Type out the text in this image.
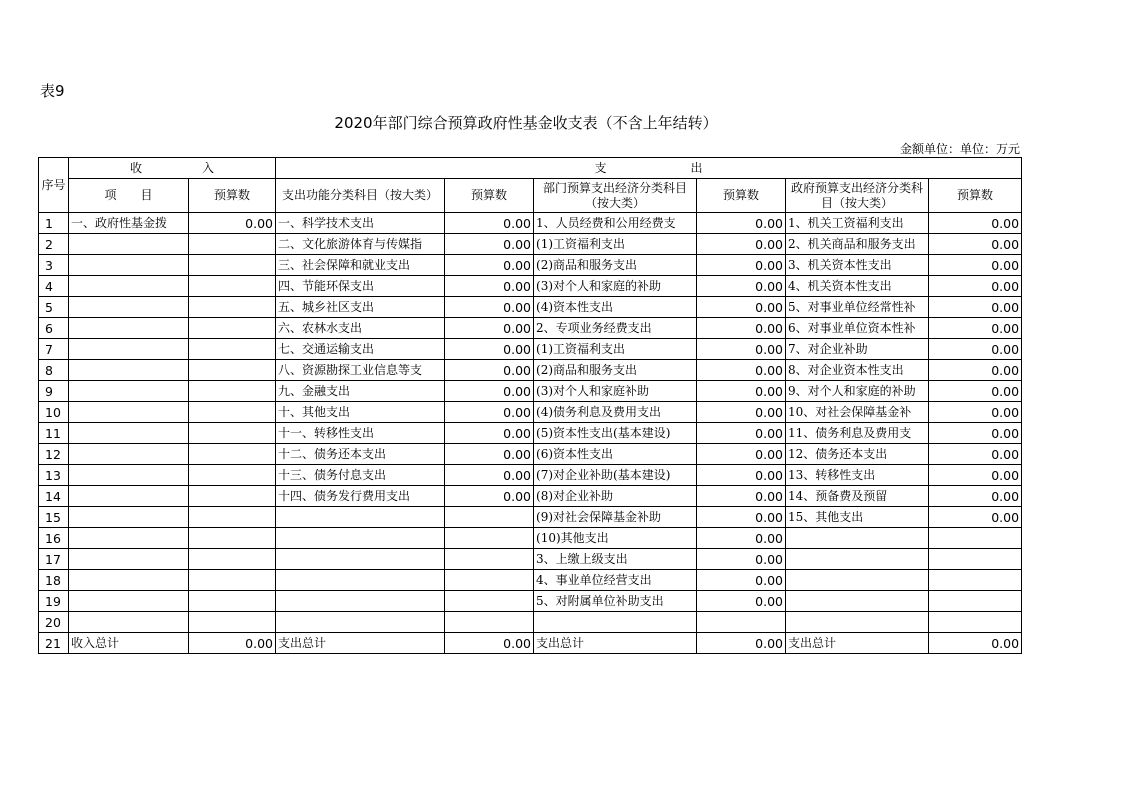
表9
2020年部门综合预算政府性基金收支表（不含上年结转）
金额单位：单位：万元
序号	收　　　　　入		支　　　　　　　出					
	项　　目	预算数	支出功能分类科目（按大类）	预算数	部门预算支出经济分类科目（按大类）	预算数	政府预算支出经济分类科目（按大类）	预算数
1	一、政府性基金拨	0.00	一、科学技术支出	0.00	1、人员经费和公用经费支	0.00	1、机关工资福利支出	0.00
2			二、文化旅游体育与传媒指	0.00	(1)工资福利支出	0.00	2、机关商品和服务支出	0.00
3			三、社会保障和就业支出	0.00	(2)商品和服务支出	0.00	3、机关资本性支出	0.00
4			四、节能环保支出	0.00	(3)对个人和家庭的补助	0.00	4、机关资本性支出	0.00
5			五、城乡社区支出	0.00	(4)资本性支出	0.00	5、对事业单位经常性补	0.00
6			六、农林水支出	0.00	2、专项业务经费支出	0.00	6、对事业单位资本性补	0.00
7			七、交通运输支出	0.00	(1)工资福利支出	0.00	7、对企业补助	0.00
8			八、资源勘探工业信息等支	0.00	(2)商品和服务支出	0.00	8、对企业资本性支出	0.00
9			九、金融支出	0.00	(3)对个人和家庭补助	0.00	9、对个人和家庭的补助	0.00
10			十、其他支出	0.00	(4)债务利息及费用支出	0.00	10、对社会保障基金补	0.00
11			十一、转移性支出	0.00	(5)资本性支出(基本建设)	0.00	11、债务利息及费用支	0.00
12			十二、债务还本支出	0.00	(6)资本性支出	0.00	12、债务还本支出	0.00
13			十三、债务付息支出	0.00	(7)对企业补助(基本建设)	0.00	13、转移性支出	0.00
14			十四、债务发行费用支出	0.00	(8)对企业补助	0.00	14、预备费及预留	0.00
15					(9)对社会保障基金补助	0.00	15、其他支出	0.00
16					(10)其他支出	0.00		
17					3、上缴上级支出	0.00		
18					4、事业单位经营支出	0.00		
19					5、对附属单位补助支出	0.00		
20								
21	收入总计	0.00	支出总计	0.00	支出总计	0.00	支出总计	0.00
